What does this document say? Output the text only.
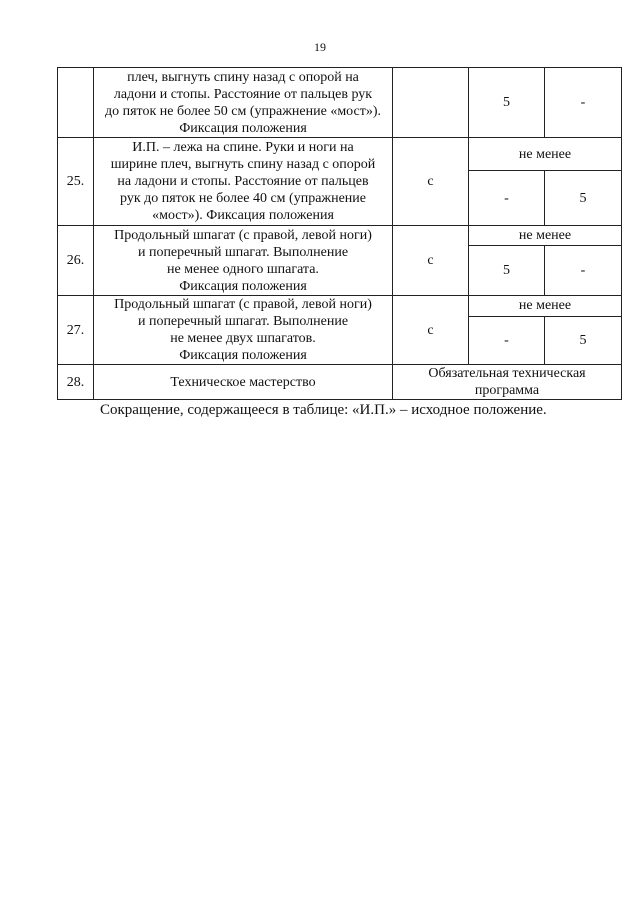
19

	плеч, выгнуть спину назад с опорой на
ладони и стопы. Расстояние от пальцев рук
до пяток не более 50 см (упражнение «мост»).
Фиксация положения		5	-
25.	И.П. – лежа на спине. Руки и ноги на
ширине плеч, выгнуть спину назад с опорой
на ладони и стопы. Расстояние от пальцев
рук до пяток не более 40 см (упражнение
«мост»). Фиксация положения	с	не менее	
			-	5
26.	Продольный шпагат (с правой, левой ноги)
и поперечный шпагат. Выполнение
не менее одного шпагата.
Фиксация положения	с	не менее	
			5	-
27.	Продольный шпагат (с правой, левой ноги)
и поперечный шпагат. Выполнение
не менее двух шпагатов.
Фиксация положения	с	не менее	
			-	5
28.	Техническое мастерство	Обязательная техническая
программа		
Сокращение, содержащееся в таблице: «И.П.» – исходное положение.
